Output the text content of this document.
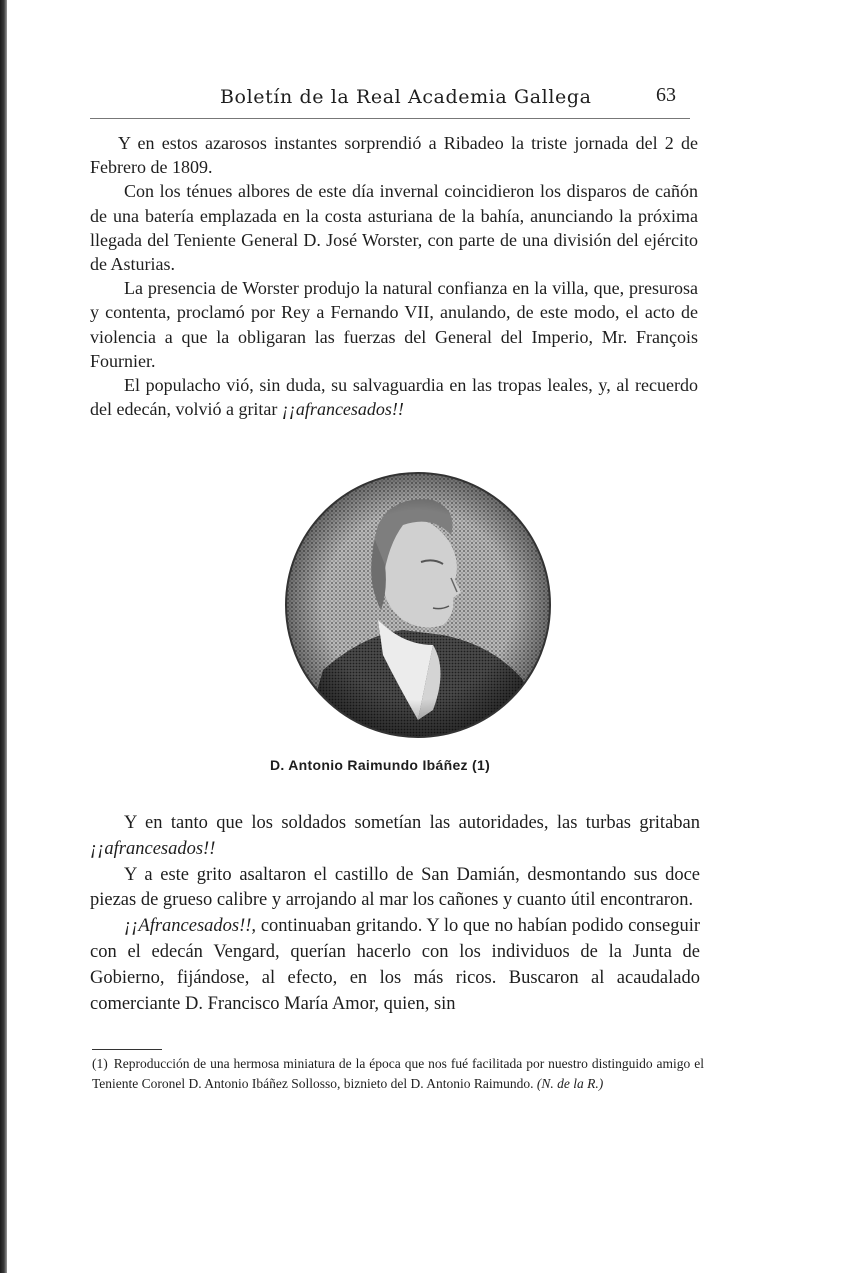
Boletín de la Real Academia Gallega	63

Y en estos azarosos instantes sorprendió a Ribadeo la triste jornada del 2 de Febrero de 1809.

Con los ténues albores de este día invernal coincidieron los disparos de cañón de una batería emplazada en la costa asturiana de la bahía, anunciando la próxima llegada del Teniente General D. José Worster, con parte de una división del ejército de Asturias.

La presencia de Worster produjo la natural confianza en la villa, que, presurosa y contenta, proclamó por Rey a Fernando VII, anulando, de este modo, el acto de violencia a que la obligaran las fuerzas del General del Imperio, Mr. François Fournier.

El populacho vió, sin duda, su salvaguardia en las tropas leales, y, al recuerdo del edecán, volvió a gritar ¡¡afrancesados!!

D. Antonio Raimundo Ibáñez (1)

Y en tanto que los soldados sometían las autoridades, las turbas gritaban ¡¡afrancesados!!

Y a este grito asaltaron el castillo de San Damián, desmontando sus doce piezas de grueso calibre y arrojando al mar los cañones y cuanto útil encontraron.

¡¡Afrancesados!!, continuaban gritando. Y lo que no habían podido conseguir con el edecán Vengard, querían hacerlo con los individuos de la Junta de Gobierno, fijándose, al efecto, en los más ricos. Buscaron al acaudalado comerciante D. Francisco María Amor, quien, sin

(1) Reproducción de una hermosa miniatura de la época que nos fué facilitada por nuestro distinguido amigo el Teniente Coronel D. Antonio Ibáñez Sollosso, biznieto del D. Antonio Raimundo. (N. de la R.)
